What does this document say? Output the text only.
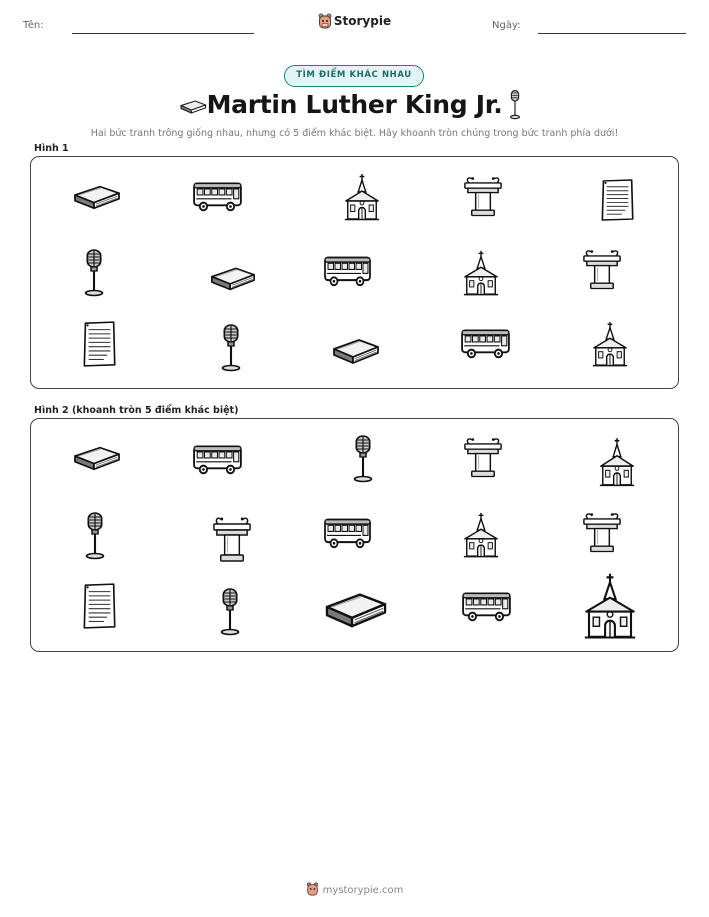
Tên:	Storypie	Ngày:
TÌM ĐIỂM KHÁC NHAU
Martin Luther King Jr.
Hai bức tranh trông giống nhau, nhưng có 5 điểm khác biệt. Hãy khoanh tròn chúng trong bức tranh phía dưới!
Hình 1
Hình 2 (khoanh tròn 5 điểm khác biệt)
mystorypie.com
